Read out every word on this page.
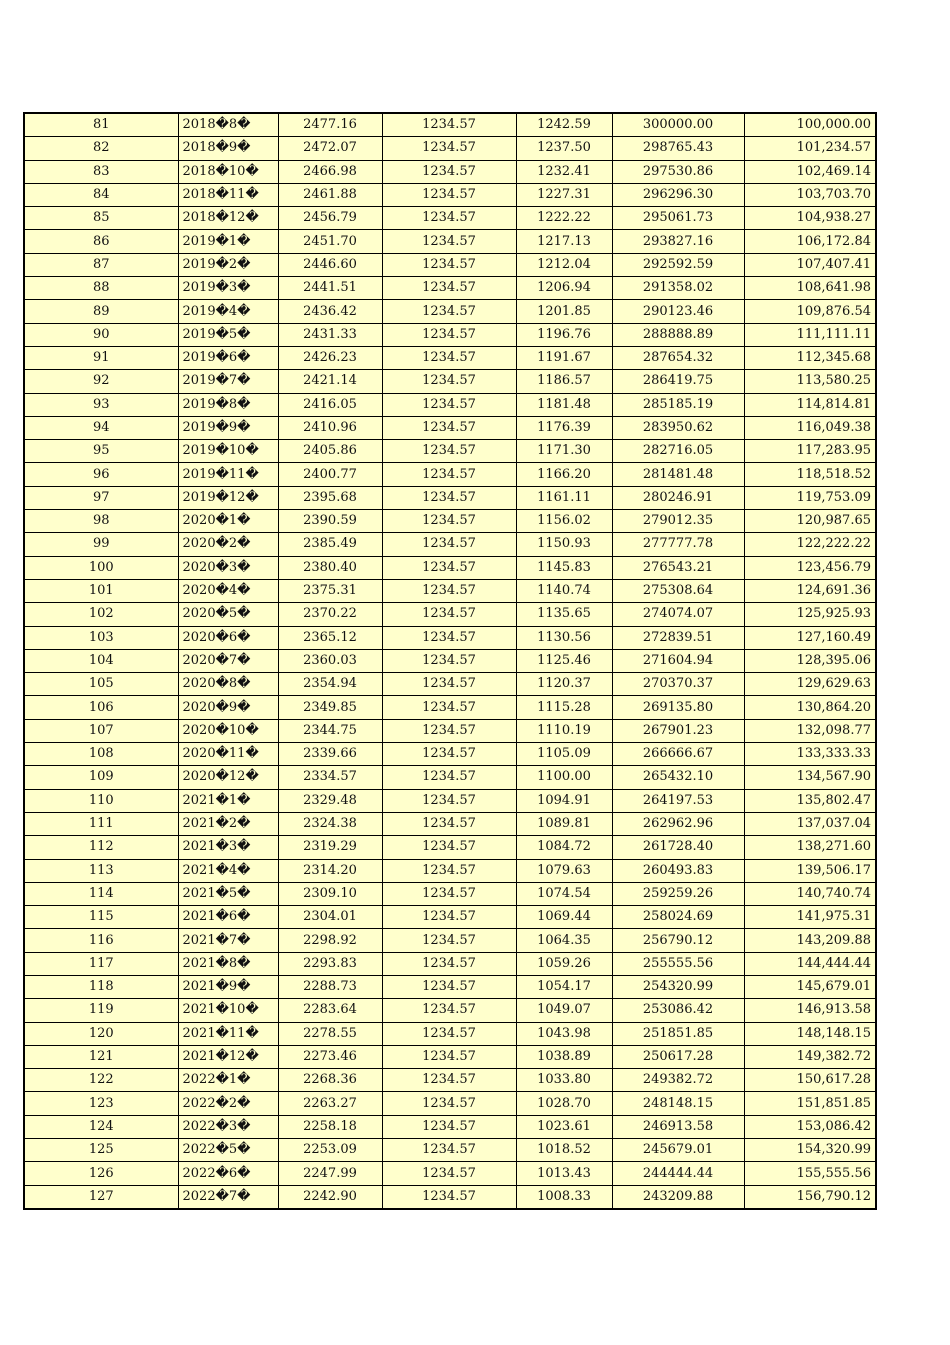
81	2018�8�	2477.16	1234.57	1242.59	300000.00	100,000.00
82	2018�9�	2472.07	1234.57	1237.50	298765.43	101,234.57
83	2018�10�	2466.98	1234.57	1232.41	297530.86	102,469.14
84	2018�11�	2461.88	1234.57	1227.31	296296.30	103,703.70
85	2018�12�	2456.79	1234.57	1222.22	295061.73	104,938.27
86	2019�1�	2451.70	1234.57	1217.13	293827.16	106,172.84
87	2019�2�	2446.60	1234.57	1212.04	292592.59	107,407.41
88	2019�3�	2441.51	1234.57	1206.94	291358.02	108,641.98
89	2019�4�	2436.42	1234.57	1201.85	290123.46	109,876.54
90	2019�5�	2431.33	1234.57	1196.76	288888.89	111,111.11
91	2019�6�	2426.23	1234.57	1191.67	287654.32	112,345.68
92	2019�7�	2421.14	1234.57	1186.57	286419.75	113,580.25
93	2019�8�	2416.05	1234.57	1181.48	285185.19	114,814.81
94	2019�9�	2410.96	1234.57	1176.39	283950.62	116,049.38
95	2019�10�	2405.86	1234.57	1171.30	282716.05	117,283.95
96	2019�11�	2400.77	1234.57	1166.20	281481.48	118,518.52
97	2019�12�	2395.68	1234.57	1161.11	280246.91	119,753.09
98	2020�1�	2390.59	1234.57	1156.02	279012.35	120,987.65
99	2020�2�	2385.49	1234.57	1150.93	277777.78	122,222.22
100	2020�3�	2380.40	1234.57	1145.83	276543.21	123,456.79
101	2020�4�	2375.31	1234.57	1140.74	275308.64	124,691.36
102	2020�5�	2370.22	1234.57	1135.65	274074.07	125,925.93
103	2020�6�	2365.12	1234.57	1130.56	272839.51	127,160.49
104	2020�7�	2360.03	1234.57	1125.46	271604.94	128,395.06
105	2020�8�	2354.94	1234.57	1120.37	270370.37	129,629.63
106	2020�9�	2349.85	1234.57	1115.28	269135.80	130,864.20
107	2020�10�	2344.75	1234.57	1110.19	267901.23	132,098.77
108	2020�11�	2339.66	1234.57	1105.09	266666.67	133,333.33
109	2020�12�	2334.57	1234.57	1100.00	265432.10	134,567.90
110	2021�1�	2329.48	1234.57	1094.91	264197.53	135,802.47
111	2021�2�	2324.38	1234.57	1089.81	262962.96	137,037.04
112	2021�3�	2319.29	1234.57	1084.72	261728.40	138,271.60
113	2021�4�	2314.20	1234.57	1079.63	260493.83	139,506.17
114	2021�5�	2309.10	1234.57	1074.54	259259.26	140,740.74
115	2021�6�	2304.01	1234.57	1069.44	258024.69	141,975.31
116	2021�7�	2298.92	1234.57	1064.35	256790.12	143,209.88
117	2021�8�	2293.83	1234.57	1059.26	255555.56	144,444.44
118	2021�9�	2288.73	1234.57	1054.17	254320.99	145,679.01
119	2021�10�	2283.64	1234.57	1049.07	253086.42	146,913.58
120	2021�11�	2278.55	1234.57	1043.98	251851.85	148,148.15
121	2021�12�	2273.46	1234.57	1038.89	250617.28	149,382.72
122	2022�1�	2268.36	1234.57	1033.80	249382.72	150,617.28
123	2022�2�	2263.27	1234.57	1028.70	248148.15	151,851.85
124	2022�3�	2258.18	1234.57	1023.61	246913.58	153,086.42
125	2022�5�	2253.09	1234.57	1018.52	245679.01	154,320.99
126	2022�6�	2247.99	1234.57	1013.43	244444.44	155,555.56
127	2022�7�	2242.90	1234.57	1008.33	243209.88	156,790.12
